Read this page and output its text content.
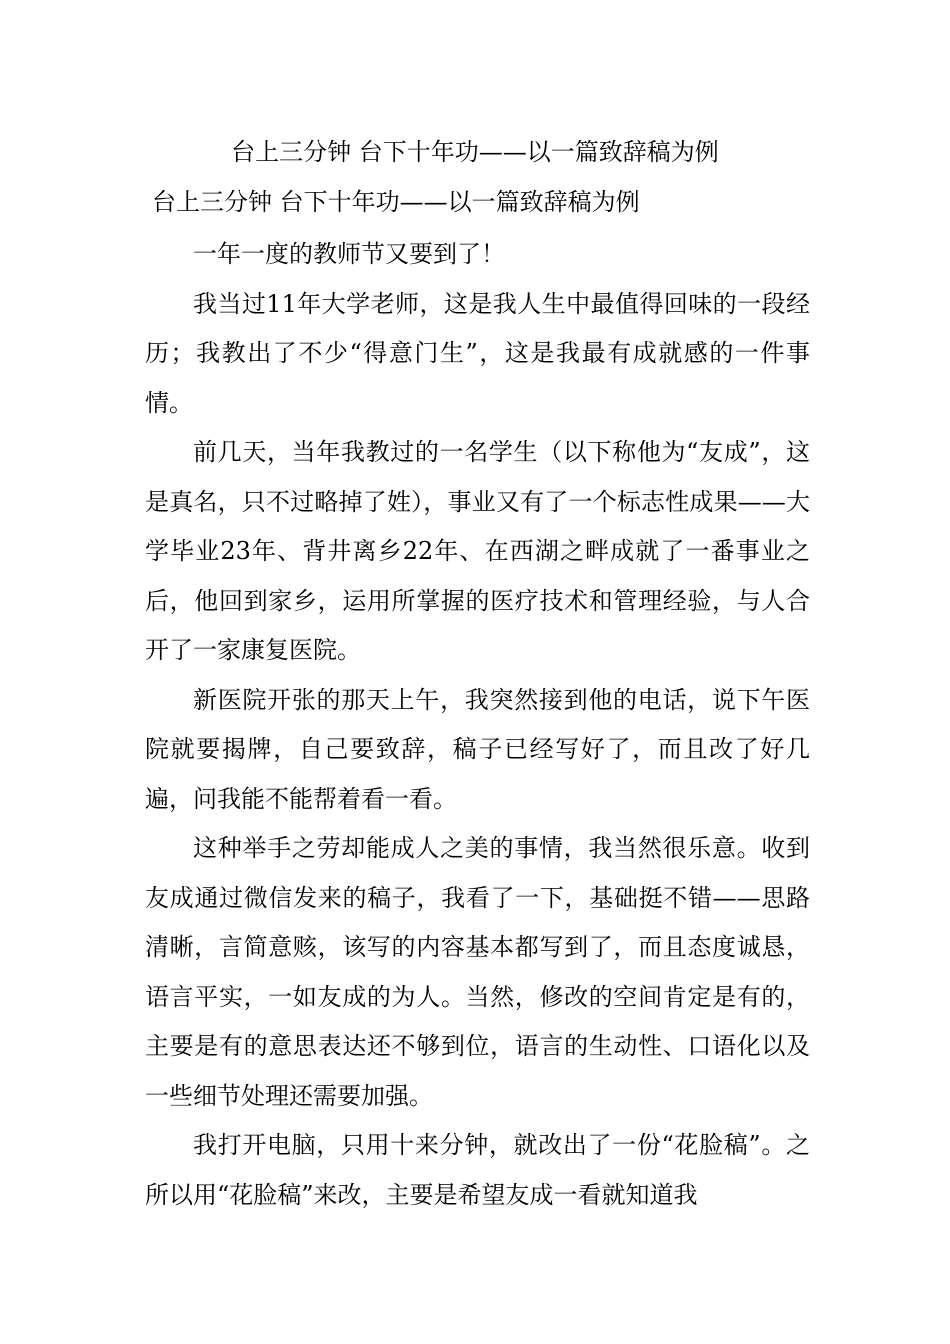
台上三分钟 台下十年功——以一篇致辞稿为例
台上三分钟 台下十年功——以一篇致辞稿为例

一年一度的教师节又要到了！

我当过11年大学老师，这是我人生中最值得回味的一段经历；我教出了不少“得意门生”，这是我最有成就感的一件事情。

前几天，当年我教过的一名学生（以下称他为“友成”，这是真名，只不过略掉了姓），事业又有了一个标志性成果——大学毕业23年、背井离乡22年、在西湖之畔成就了一番事业之后，他回到家乡，运用所掌握的医疗技术和管理经验，与人合开了一家康复医院。

新医院开张的那天上午，我突然接到他的电话，说下午医院就要揭牌，自己要致辞，稿子已经写好了，而且改了好几遍，问我能不能帮着看一看。

这种举手之劳却能成人之美的事情，我当然很乐意。收到友成通过微信发来的稿子，我看了一下，基础挺不错——思路清晰，言简意赅，该写的内容基本都写到了，而且态度诚恳，语言平实，一如友成的为人。当然，修改的空间肯定是有的，主要是有的意思表达还不够到位，语言的生动性、口语化以及一些细节处理还需要加强。

我打开电脑，只用十来分钟，就改出了一份“花脸稿”。之所以用“花脸稿”来改，主要是希望友成一看就知道我
